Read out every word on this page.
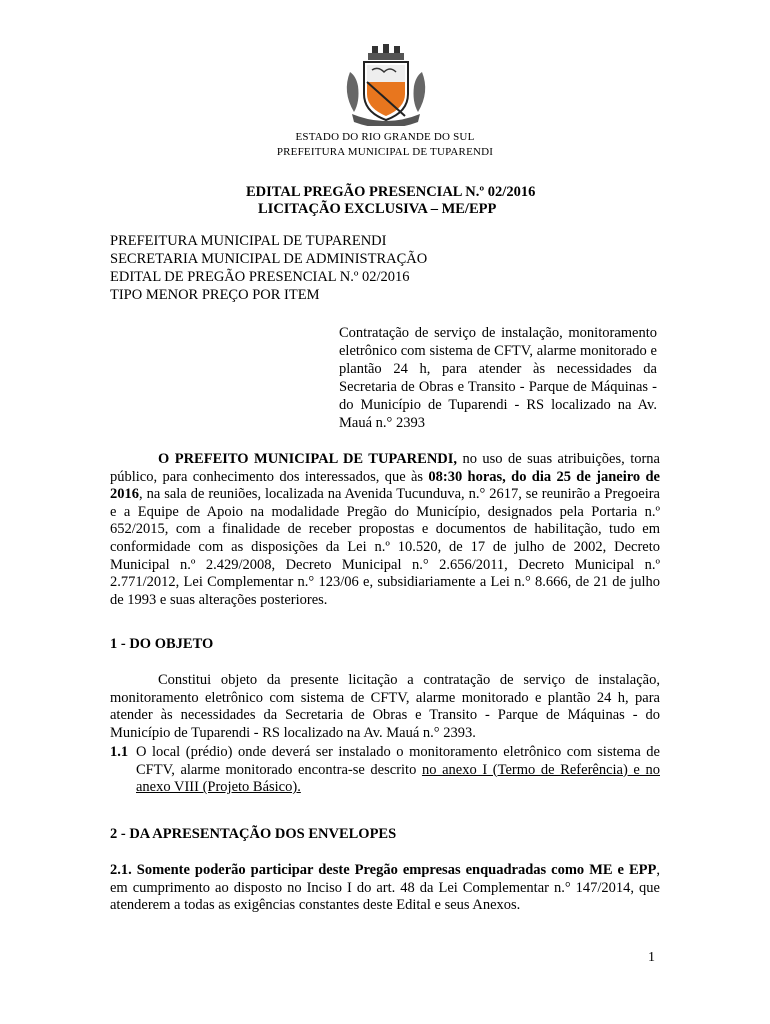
ESTADO DO RIO GRANDE DO SUL
PREFEITURA MUNICIPAL DE TUPARENDI
EDITAL PREGÃO PRESENCIAL N.º 02/2016
LICITAÇÃO EXCLUSIVA – ME/EPP
PREFEITURA MUNICIPAL DE TUPARENDI
SECRETARIA MUNICIPAL DE ADMINISTRAÇÃO
EDITAL DE PREGÃO PRESENCIAL N.º 02/2016
TIPO MENOR PREÇO POR ITEM
Contratação de serviço de instalação, monitoramento eletrônico com sistema de CFTV, alarme monitorado e plantão 24 h, para atender às necessidades da Secretaria de Obras e Transito - Parque de Máquinas - do Município de Tuparendi - RS localizado na Av. Mauá n.° 2393
O PREFEITO MUNICIPAL DE TUPARENDI, no uso de suas atribuições, torna público, para conhecimento dos interessados, que às 08:30 horas, do dia 25 de janeiro de 2016, na sala de reuniões, localizada na Avenida Tucunduva, n.° 2617, se reunirão a Pregoeira e a Equipe de Apoio na modalidade Pregão do Município, designados pela Portaria n.º 652/2015, com a finalidade de receber propostas e documentos de habilitação, tudo em conformidade com as disposições da Lei n.º 10.520, de 17 de julho de 2002, Decreto Municipal n.º 2.429/2008, Decreto Municipal n.° 2.656/2011, Decreto Municipal n.º 2.771/2012, Lei Complementar n.° 123/06 e, subsidiariamente a Lei n.° 8.666, de 21 de julho de 1993 e suas alterações posteriores.
1 - DO OBJETO
Constitui objeto da presente licitação a contratação de serviço de instalação, monitoramento eletrônico com sistema de CFTV, alarme monitorado e plantão 24 h, para atender às necessidades da Secretaria de Obras e Transito - Parque de Máquinas - do Município de Tuparendi - RS localizado na Av. Mauá n.° 2393.
1.1 O local (prédio) onde deverá ser instalado o monitoramento eletrônico com sistema de CFTV, alarme monitorado encontra-se descrito no anexo I (Termo de Referência) e no anexo VIII (Projeto Básico).
2 - DA APRESENTAÇÃO DOS ENVELOPES
2.1. Somente poderão participar deste Pregão empresas enquadradas como ME e EPP, em cumprimento ao disposto no Inciso I do art. 48 da Lei Complementar n.° 147/2014, que atenderem a todas as exigências constantes deste Edital e seus Anexos.
1
